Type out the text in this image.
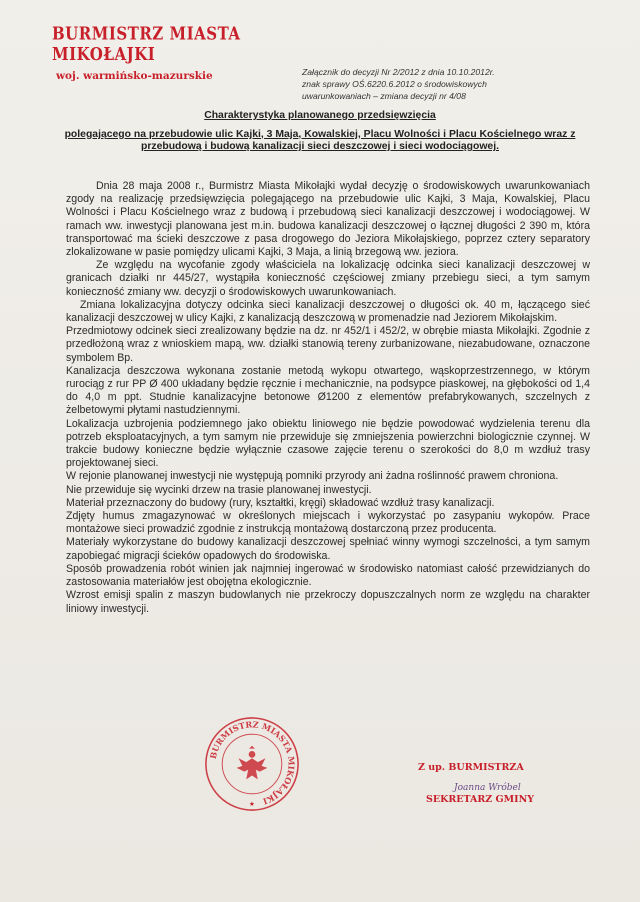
BURMISTRZ MIASTA MIKOŁAJKI
woj. warmińsko-mazurskie	Załącznik do decyzji Nr 2/2012 z dnia 10.10.2012r.
znak sprawy OŚ.6220.6.2012 o środowiskowych
uwarunkowaniach – zmiana decyzji nr 4/08
Charakterystyka planowanego przedsięwzięcia
polegającego na przebudowie ulic Kajki, 3 Maja, Kowalskiej, Placu Wolności i Placu Kościelnego wraz z przebudową i budową kanalizacji sieci deszczowej i sieci wodociągowej.

Dnia 28 maja 2008 r., Burmistrz Miasta Mikołajki wydał decyzję o środowiskowych uwarunkowaniach zgody na realizację przedsięwzięcia polegającego na przebudowie ulic Kajki, 3 Maja, Kowalskiej, Placu Wolności i Placu Kościelnego wraz z budową i przebudową sieci kanalizacji deszczowej i wodociągowej. W ramach ww. inwestycji planowana jest m.in. budowa kanalizacji deszczowej o łącznej długości 2 390 m, która transportować ma ścieki deszczowe z pasa drogowego do Jeziora Mikołajskiego, poprzez cztery separatory zlokalizowane w pasie pomiędzy ulicami Kajki, 3 Maja, a linią brzegową ww. jeziora.

Ze względu na wycofanie zgody właściciela na lokalizację odcinka sieci kanalizacji deszczowej w granicach działki nr 445/27, wystąpiła konieczność częściowej zmiany przebiegu sieci, a tym samym konieczność zmiany ww. decyzji o środowiskowych uwarunkowaniach.

Zmiana lokalizacyjna dotyczy odcinka sieci kanalizacji deszczowej o długości ok. 40 m, łączącego sieć kanalizacji deszczowej w ulicy Kajki, z kanalizacją deszczową w promenadzie nad Jeziorem Mikołajskim.

Przedmiotowy odcinek sieci zrealizowany będzie na dz. nr 452/1 i 452/2, w obrębie miasta Mikołajki. Zgodnie z przedłożoną wraz z wnioskiem mapą, ww. działki stanowią tereny zurbanizowane, niezabudowane, oznaczone symbolem Bp.

Kanalizacja deszczowa wykonana zostanie metodą wykopu otwartego, wąskoprzestrzennego, w którym rurociąg z rur PP Ø 400 układany będzie ręcznie i mechanicznie, na podsypce piaskowej, na głębokości od 1,4 do 4,0 m ppt. Studnie kanalizacyjne betonowe Ø1200 z elementów prefabrykowanych, szczelnych z żelbetowymi płytami nastudziennymi.

Lokalizacja uzbrojenia podziemnego jako obiektu liniowego nie będzie powodować wydzielenia terenu dla potrzeb eksploatacyjnych, a tym samym nie przewiduje się zmniejszenia powierzchni biologicznie czynnej. W trakcie budowy konieczne będzie wyłącznie czasowe zajęcie terenu o szerokości do 8,0 m wzdłuż trasy projektowanej sieci.

W rejonie planowanej inwestycji nie występują pomniki przyrody ani żadna roślinność prawem chroniona.

Nie przewiduje się wycinki drzew na trasie planowanej inwestycji.

Materiał przeznaczony do budowy (rury, kształtki, kręgi) składować wzdłuż trasy kanalizacji.

Zdjęty humus zmagazynować w określonych miejscach i wykorzystać po zasypaniu wykopów. Prace montażowe sieci prowadzić zgodnie z instrukcją montażową dostarczoną przez producenta.

Materiały wykorzystane do budowy kanalizacji deszczowej spełniać winny wymogi szczelności, a tym samym zapobiegać migracji ścieków opadowych do środowiska.

Sposób prowadzenia robót winien jak najmniej ingerować w środowisko natomiast całość przewidzianych do zastosowania materiałów jest obojętna ekologicznie.

Wzrost emisji spalin z maszyn budowlanych nie przekroczy dopuszczalnych norm ze względu na charakter liniowy inwestycji.

BURMISTRZ MIASTA MIKOŁAJKI
★
Z up. BURMISTRZA
Joanna Wróbel
SEKRETARZ GMINY
